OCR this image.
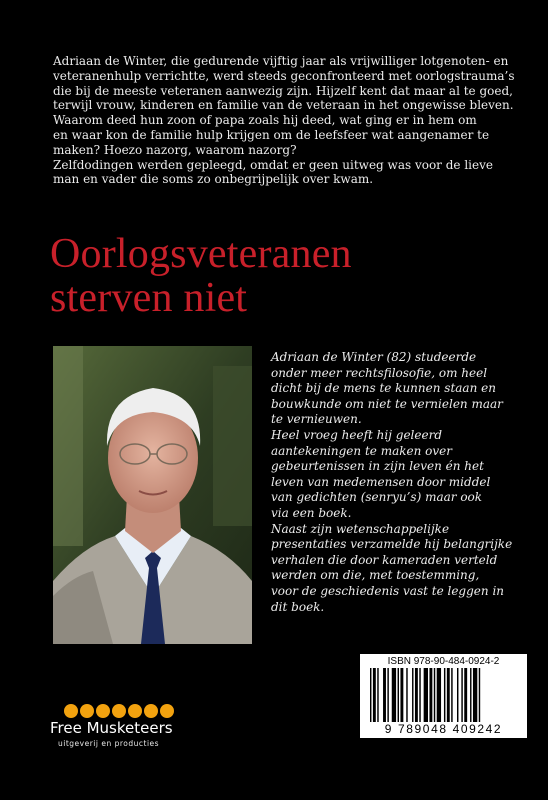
Adriaan de Winter, die gedurende vijftig jaar als vrijwilliger lotgenoten- en

veteranenhulp verrichtte, werd steeds geconfronteerd met oorlogstrauma’s

die bij de meeste veteranen aanwezig zijn. Hijzelf kent dat maar al te goed,

terwijl vrouw, kinderen en familie van de veteraan in het ongewisse bleven.

Waarom deed hun zoon of papa zoals hij deed, wat ging er in hem om

en waar kon de familie hulp krijgen om de leefsfeer wat aangenamer te

maken? Hoezo nazorg, waarom nazorg?

Zelfdodingen werden gepleegd, omdat er geen uitweg was voor de lieve

man en vader die soms zo onbegrijpelijk over kwam.

Oorlogsveteranen
sterven niet

Adriaan de Winter (82) studeerde

onder meer rechtsfilosofie, om heel

dicht bij de mens te kunnen staan en

bouwkunde om niet te vernielen maar

te vernieuwen.

Heel vroeg heeft hij geleerd

aantekeningen te maken over

gebeurtenissen in zijn leven én het

leven van medemensen door middel

van gedichten (senryu’s) maar ook

via een boek.

Naast zijn wetenschappelijke

presentaties verzamelde hij belangrijke

verhalen die door kameraden verteld

werden om die, met toestemming,

voor de geschiedenis vast te leggen in

dit boek.

ISBN 978-90-484-0924-2
9 789048 409242
Free Musketeers
uitgeverij en producties
